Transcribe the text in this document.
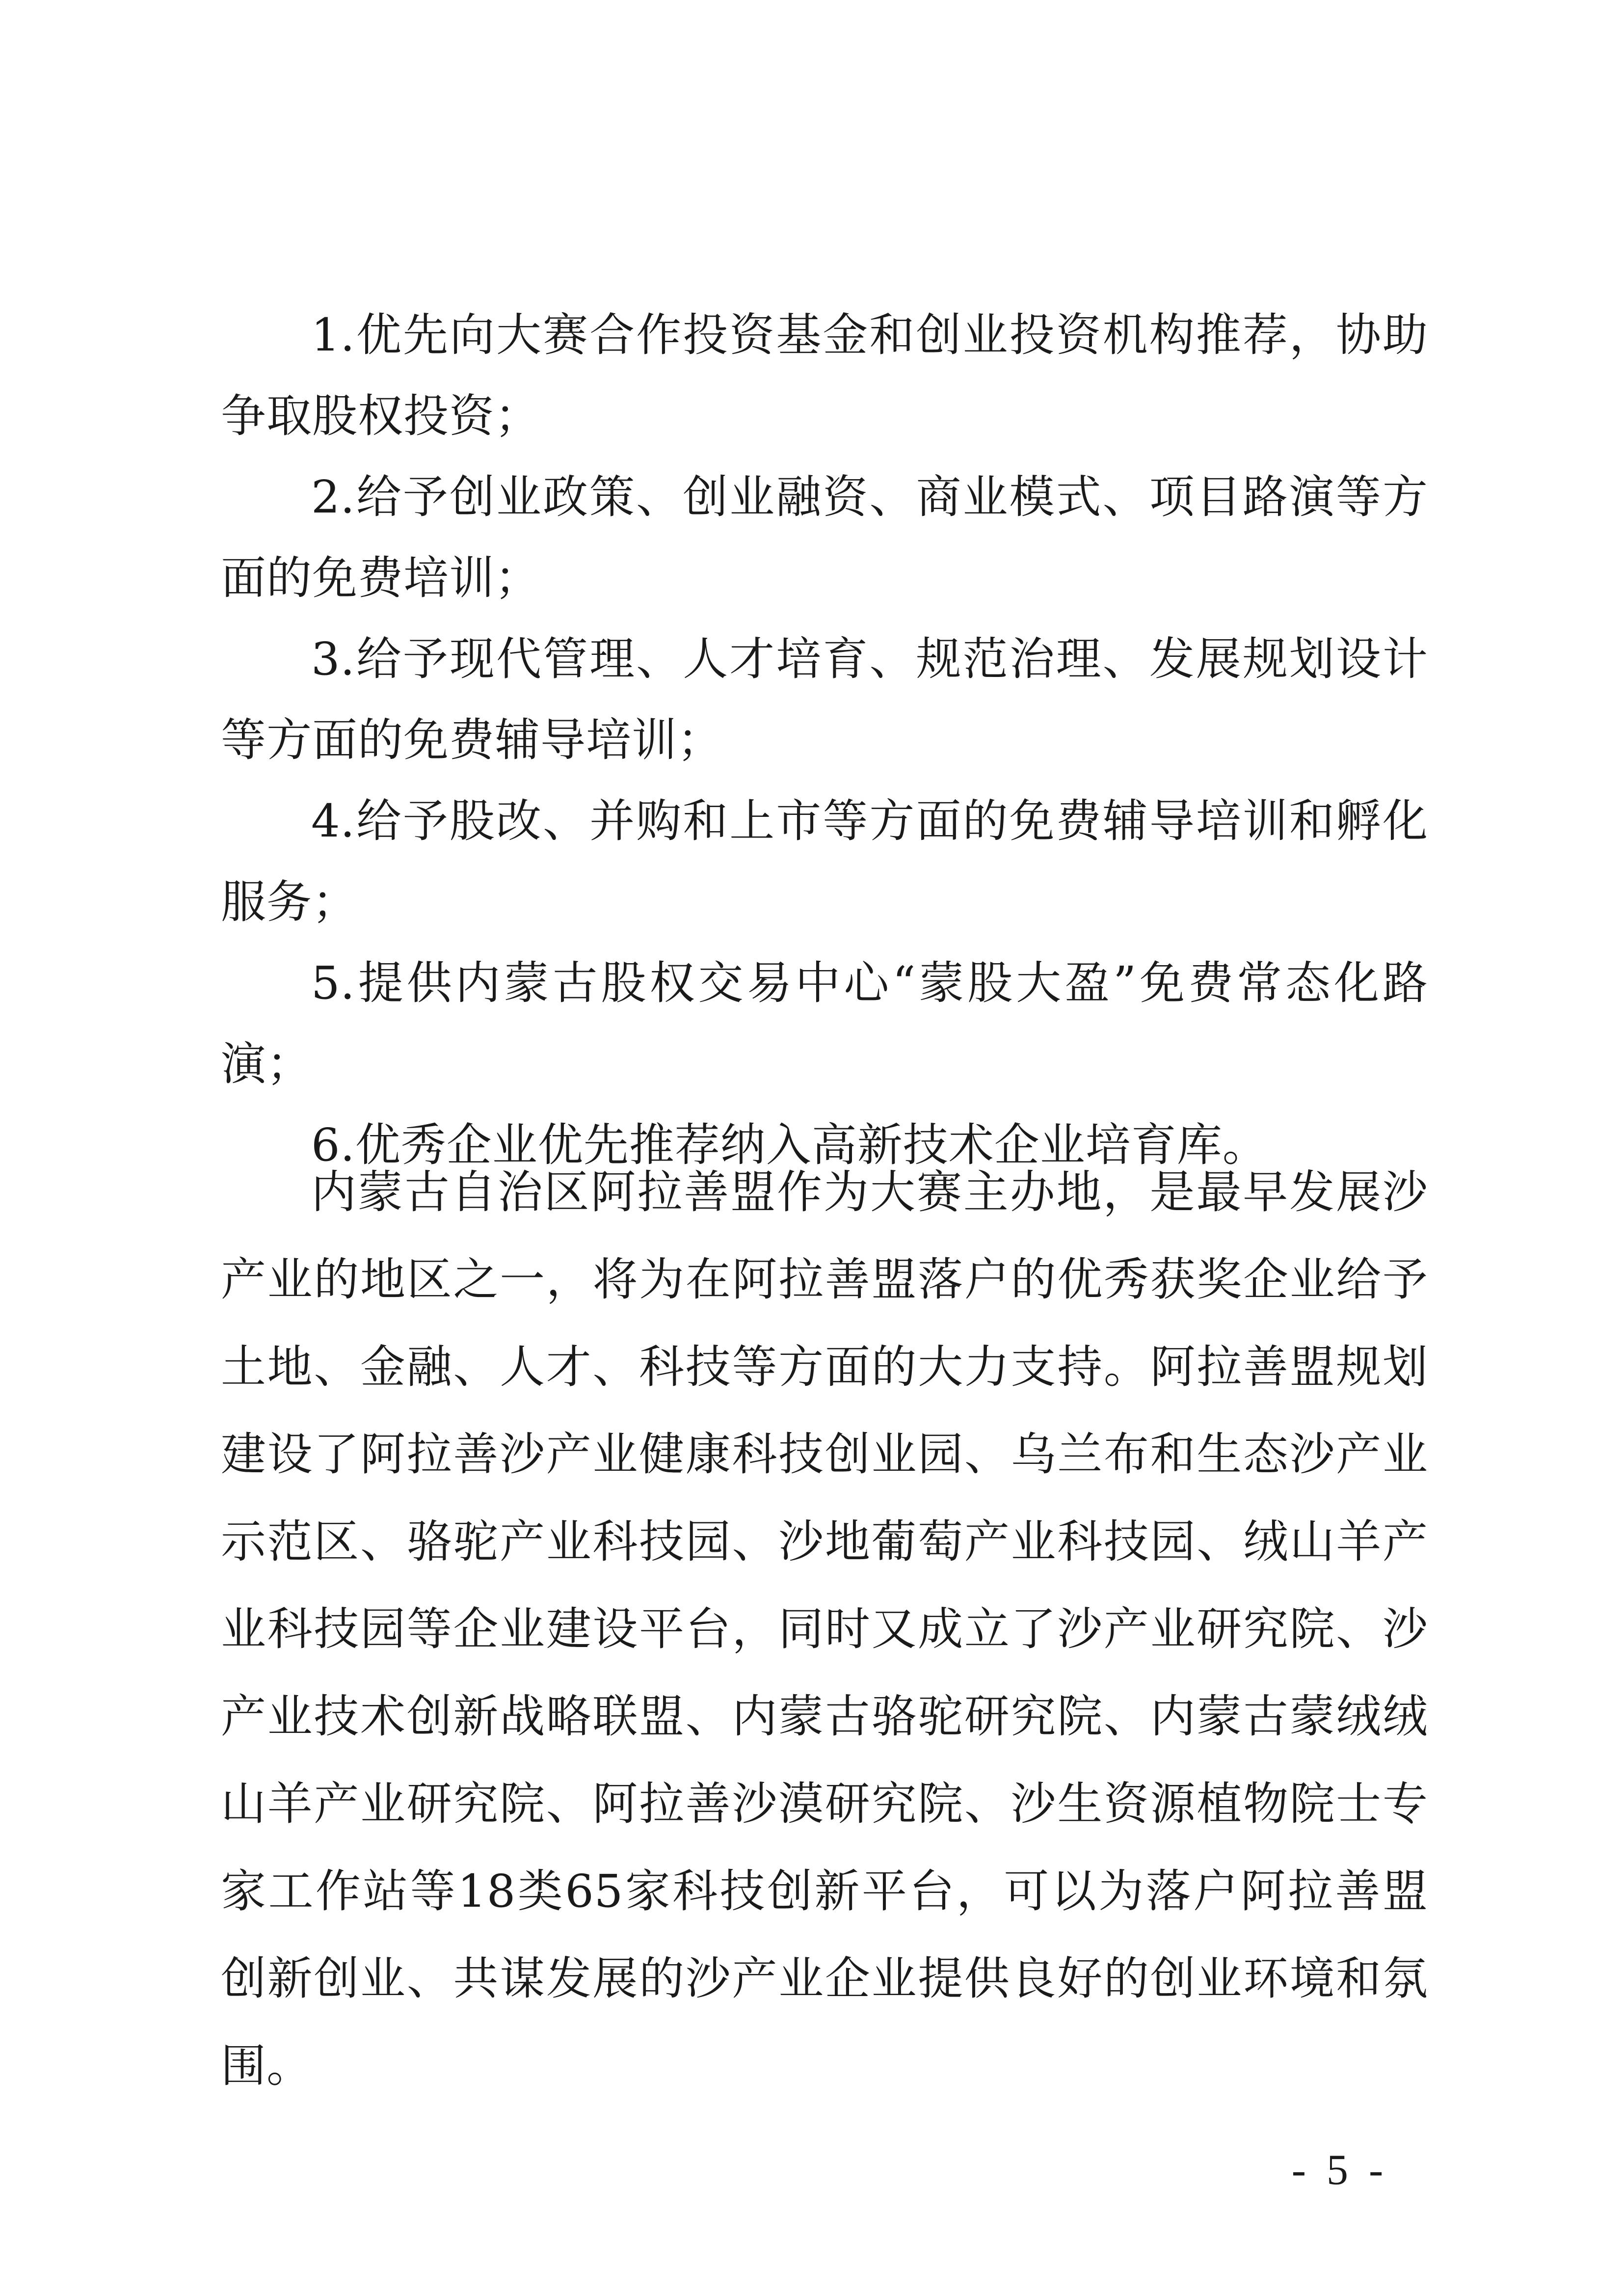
1.优先向大赛合作投资基金和创业投资机构推荐，协助争取股权投资；

2.给予创业政策、创业融资、商业模式、项目路演等方面的免费培训；

3.给予现代管理、人才培育、规范治理、发展规划设计等方面的免费辅导培训；

4.给予股改、并购和上市等方面的免费辅导培训和孵化服务；

5.提供内蒙古股权交易中心“蒙股大盈”免费常态化路演；

6.优秀企业优先推荐纳入高新技术企业培育库。

内蒙古自治区阿拉善盟作为大赛主办地，是最早发展沙产业的地区之一，将为在阿拉善盟落户的优秀获奖企业给予土地、金融、人才、科技等方面的大力支持。阿拉善盟规划建设了阿拉善沙产业健康科技创业园、乌兰布和生态沙产业示范区、骆驼产业科技园、沙地葡萄产业科技园、绒山羊产业科技园等企业建设平台，同时又成立了沙产业研究院、沙产业技术创新战略联盟、内蒙古骆驼研究院、内蒙古蒙绒绒山羊产业研究院、阿拉善沙漠研究院、沙生资源植物院士专家工作站等18类65家科技创新平台，可以为落户阿拉善盟创新创业、共谋发展的沙产业企业提供良好的创业环境和氛围。

- 5 -
